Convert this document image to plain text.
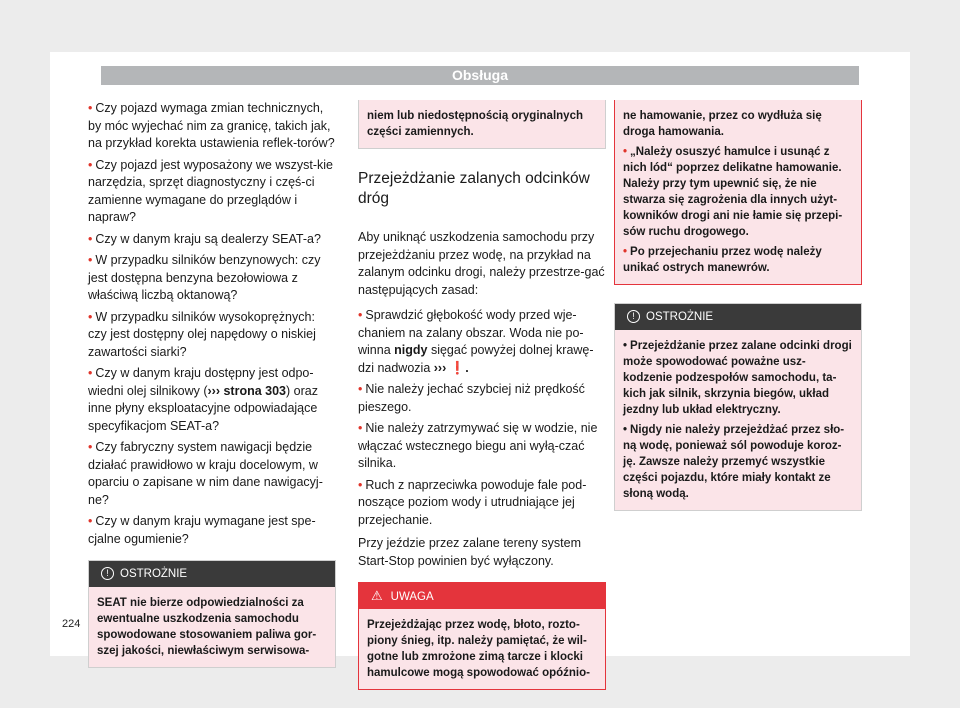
Obsługa

• Czy pojazd wymaga zmian technicznych, by móc wyjechać nim za granicę, takich jak, na przykład korekta ustawienia reflek-torów?

• Czy pojazd jest wyposażony we wszyst-kie narzędzia, sprzęt diagnostyczny i częś-ci zamienne wymagane do przeglądów i napraw?

• Czy w danym kraju są dealerzy SEAT-a?

• W przypadku silników benzynowych: czy jest dostępna benzyna bezołowiowa z właściwą liczbą oktanową?

• W przypadku silników wysokoprężnych: czy jest dostępny olej napędowy o niskiej zawartości siarki?

• Czy w danym kraju dostępny jest odpo-wiedni olej silnikowy (››› strona 303) oraz inne płyny eksploatacyjne odpowiadające specyfikacjom SEAT-a?

• Czy fabryczny system nawigacji będzie działać prawidłowo w kraju docelowym, w oparciu o zapisane w nim dane nawigacyj-ne?

• Czy w danym kraju wymagane jest spe-cjalne ogumienie?

! OSTROŻNIE
SEAT nie bierze odpowiedzialności za ewentualne uszkodzenia samochodu spowodowane stosowaniem paliwa gor-szej jakości, niewłaściwym serwisowa-
niem lub niedostępnością oryginalnych części zamiennych.
Przejeżdżanie zalanych odcinków dróg

Aby uniknąć uszkodzenia samochodu przy przejeżdżaniu przez wodę, na przykład na zalanym odcinku drogi, należy przestrze-gać następujących zasad:

• Sprawdzić głębokość wody przed wje-chaniem na zalany obszar. Woda nie po-winna nigdy sięgać powyżej dolnej krawę-dzi nadwozia ››› ❗.

• Nie należy jechać szybciej niż prędkość pieszego.

• Nie należy zatrzymywać się w wodzie, nie włączać wstecznego biegu ani wyłą-czać silnika.

• Ruch z naprzeciwka powoduje fale pod-noszące poziom wody i utrudniające jej przejechanie.

Przy jeździe przez zalane tereny system Start-Stop powinien być wyłączony.

⚠ UWAGA
Przejeżdżając przez wodę, błoto, rozto-piony śnieg, itp. należy pamiętać, że wil-gotne lub zmrożone zimą tarcze i klocki hamulcowe mogą spowodować opóźnio-

ne hamowanie, przez co wydłuża się droga hamowania.

• „Należy osuszyć hamulce i usunąć z nich lód“ poprzez delikatne hamowanie. Należy przy tym upewnić się, że nie stwarza się zagrożenia dla innych użyt-kowników drogi ani nie łamie się przepi-sów ruchu drogowego.

• Po przejechaniu przez wodę należy unikać ostrych manewrów.

! OSTROŻNIE

• Przejeżdżanie przez zalane odcinki drogi może spowodować poważne usz-kodzenie podzespołów samochodu, ta-kich jak silnik, skrzynia biegów, układ jezdny lub układ elektryczny.

• Nigdy nie należy przejeżdżać przez sło-ną wodę, ponieważ sól powoduje koroz-ję. Zawsze należy przemyć wszystkie części pojazdu, które miały kontakt ze słoną wodą.

224
